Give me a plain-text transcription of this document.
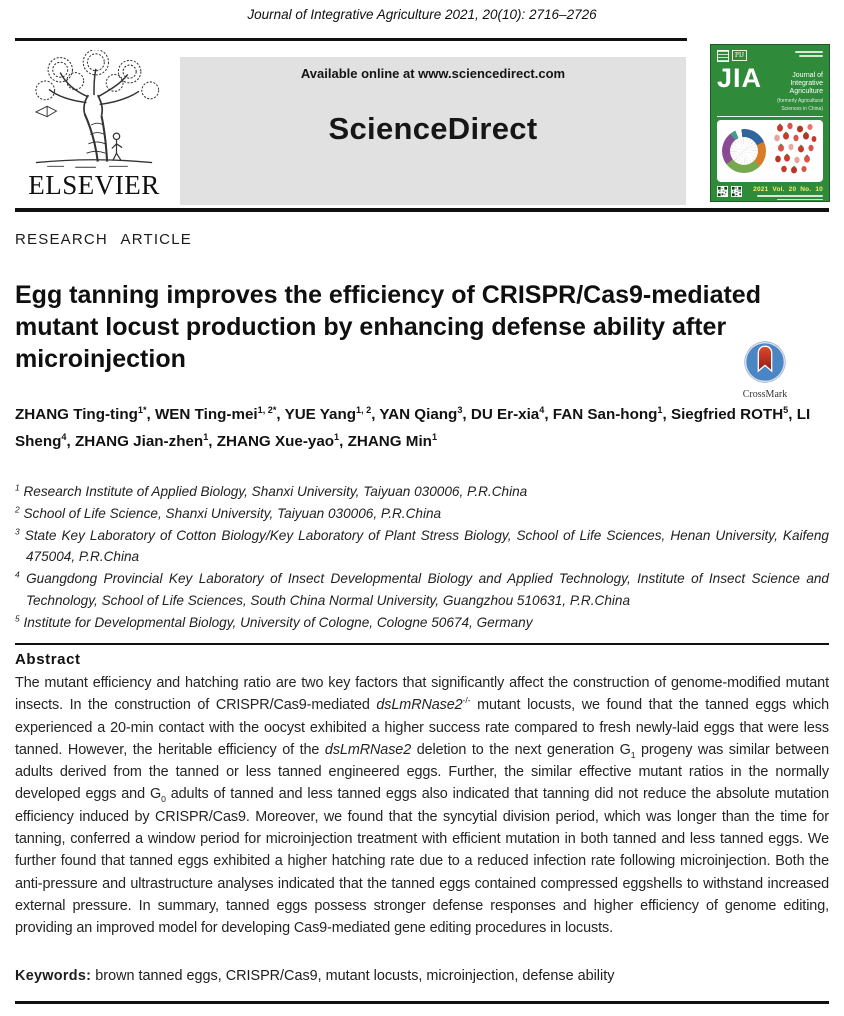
Journal of Integrative Agriculture 2021, 20(10): 2716–2726
ELSEVIER
Available online at www.sciencedirect.com
ScienceDirect
PIJ
JIA	Journal of
Integrative Agriculture
(formerly Agricultural Sciences in China)
2021 Vol. 20 No. 10
RESEARCH ARTICLE
Egg tanning improves the efficiency of CRISPR/Cas9-mediated mutant locust production by enhancing defense ability after microinjection
CrossMark
ZHANG Ting-ting$^{1*}$, WEN Ting-mei$^{1, 2*}$, YUE Yang$^{1, 2}$, YAN Qiang$^3$, DU Er-xia$^4$, FAN San-hong$^1$, Siegfried ROTH$^5$, LI Sheng$^4$, ZHANG Jian-zhen$^1$, ZHANG Xue-yao$^1$, ZHANG Min$^1$
$^1$ Research Institute of Applied Biology, Shanxi University, Taiyuan 030006, P.R.China
$^2$ School of Life Science, Shanxi University, Taiyuan 030006, P.R.China
$^3$ State Key Laboratory of Cotton Biology/Key Laboratory of Plant Stress Biology, School of Life Sciences, Henan University, Kaifeng 475004, P.R.China
$^4$ Guangdong Provincial Key Laboratory of Insect Developmental Biology and Applied Technology, Institute of Insect Science and Technology, School of Life Sciences, South China Normal University, Guangzhou 510631, P.R.China
$^5$ Institute for Developmental Biology, University of Cologne, Cologne 50674, Germany
Abstract
The mutant efficiency and hatching ratio are two key factors that significantly affect the construction of genome-modified mutant insects. In the construction of CRISPR/Cas9-mediated dsLmRNase2-/- mutant locusts, we found that the tanned eggs which experienced a 20-min contact with the oocyst exhibited a higher success rate compared to fresh newly-laid eggs that were less tanned. However, the heritable efficiency of the dsLmRNase2 deletion to the next generation $G_1$ progeny was similar between adults derived from the tanned or less tanned engineered eggs. Further, the similar effective mutant ratios in the normally developed eggs and $G_0$ adults of tanned and less tanned eggs also indicated that tanning did not reduce the absolute mutation efficiency induced by CRISPR/Cas9. Moreover, we found that the syncytial division period, which was longer than the time for tanning, conferred a window period for microinjection treatment with efficient mutation in both tanned and less tanned eggs. We further found that tanned eggs exhibited a higher hatching rate due to a reduced infection rate following microinjection. Both the anti-pressure and ultrastructure analyses indicated that the tanned eggs contained compressed eggshells to withstand increased external pressure. In summary, tanned eggs possess stronger defense responses and higher efficiency of genome editing, providing an improved model for developing Cas9-mediated gene editing procedures in locusts.
Keywords: brown tanned eggs, CRISPR/Cas9, mutant locusts, microinjection, defense ability
